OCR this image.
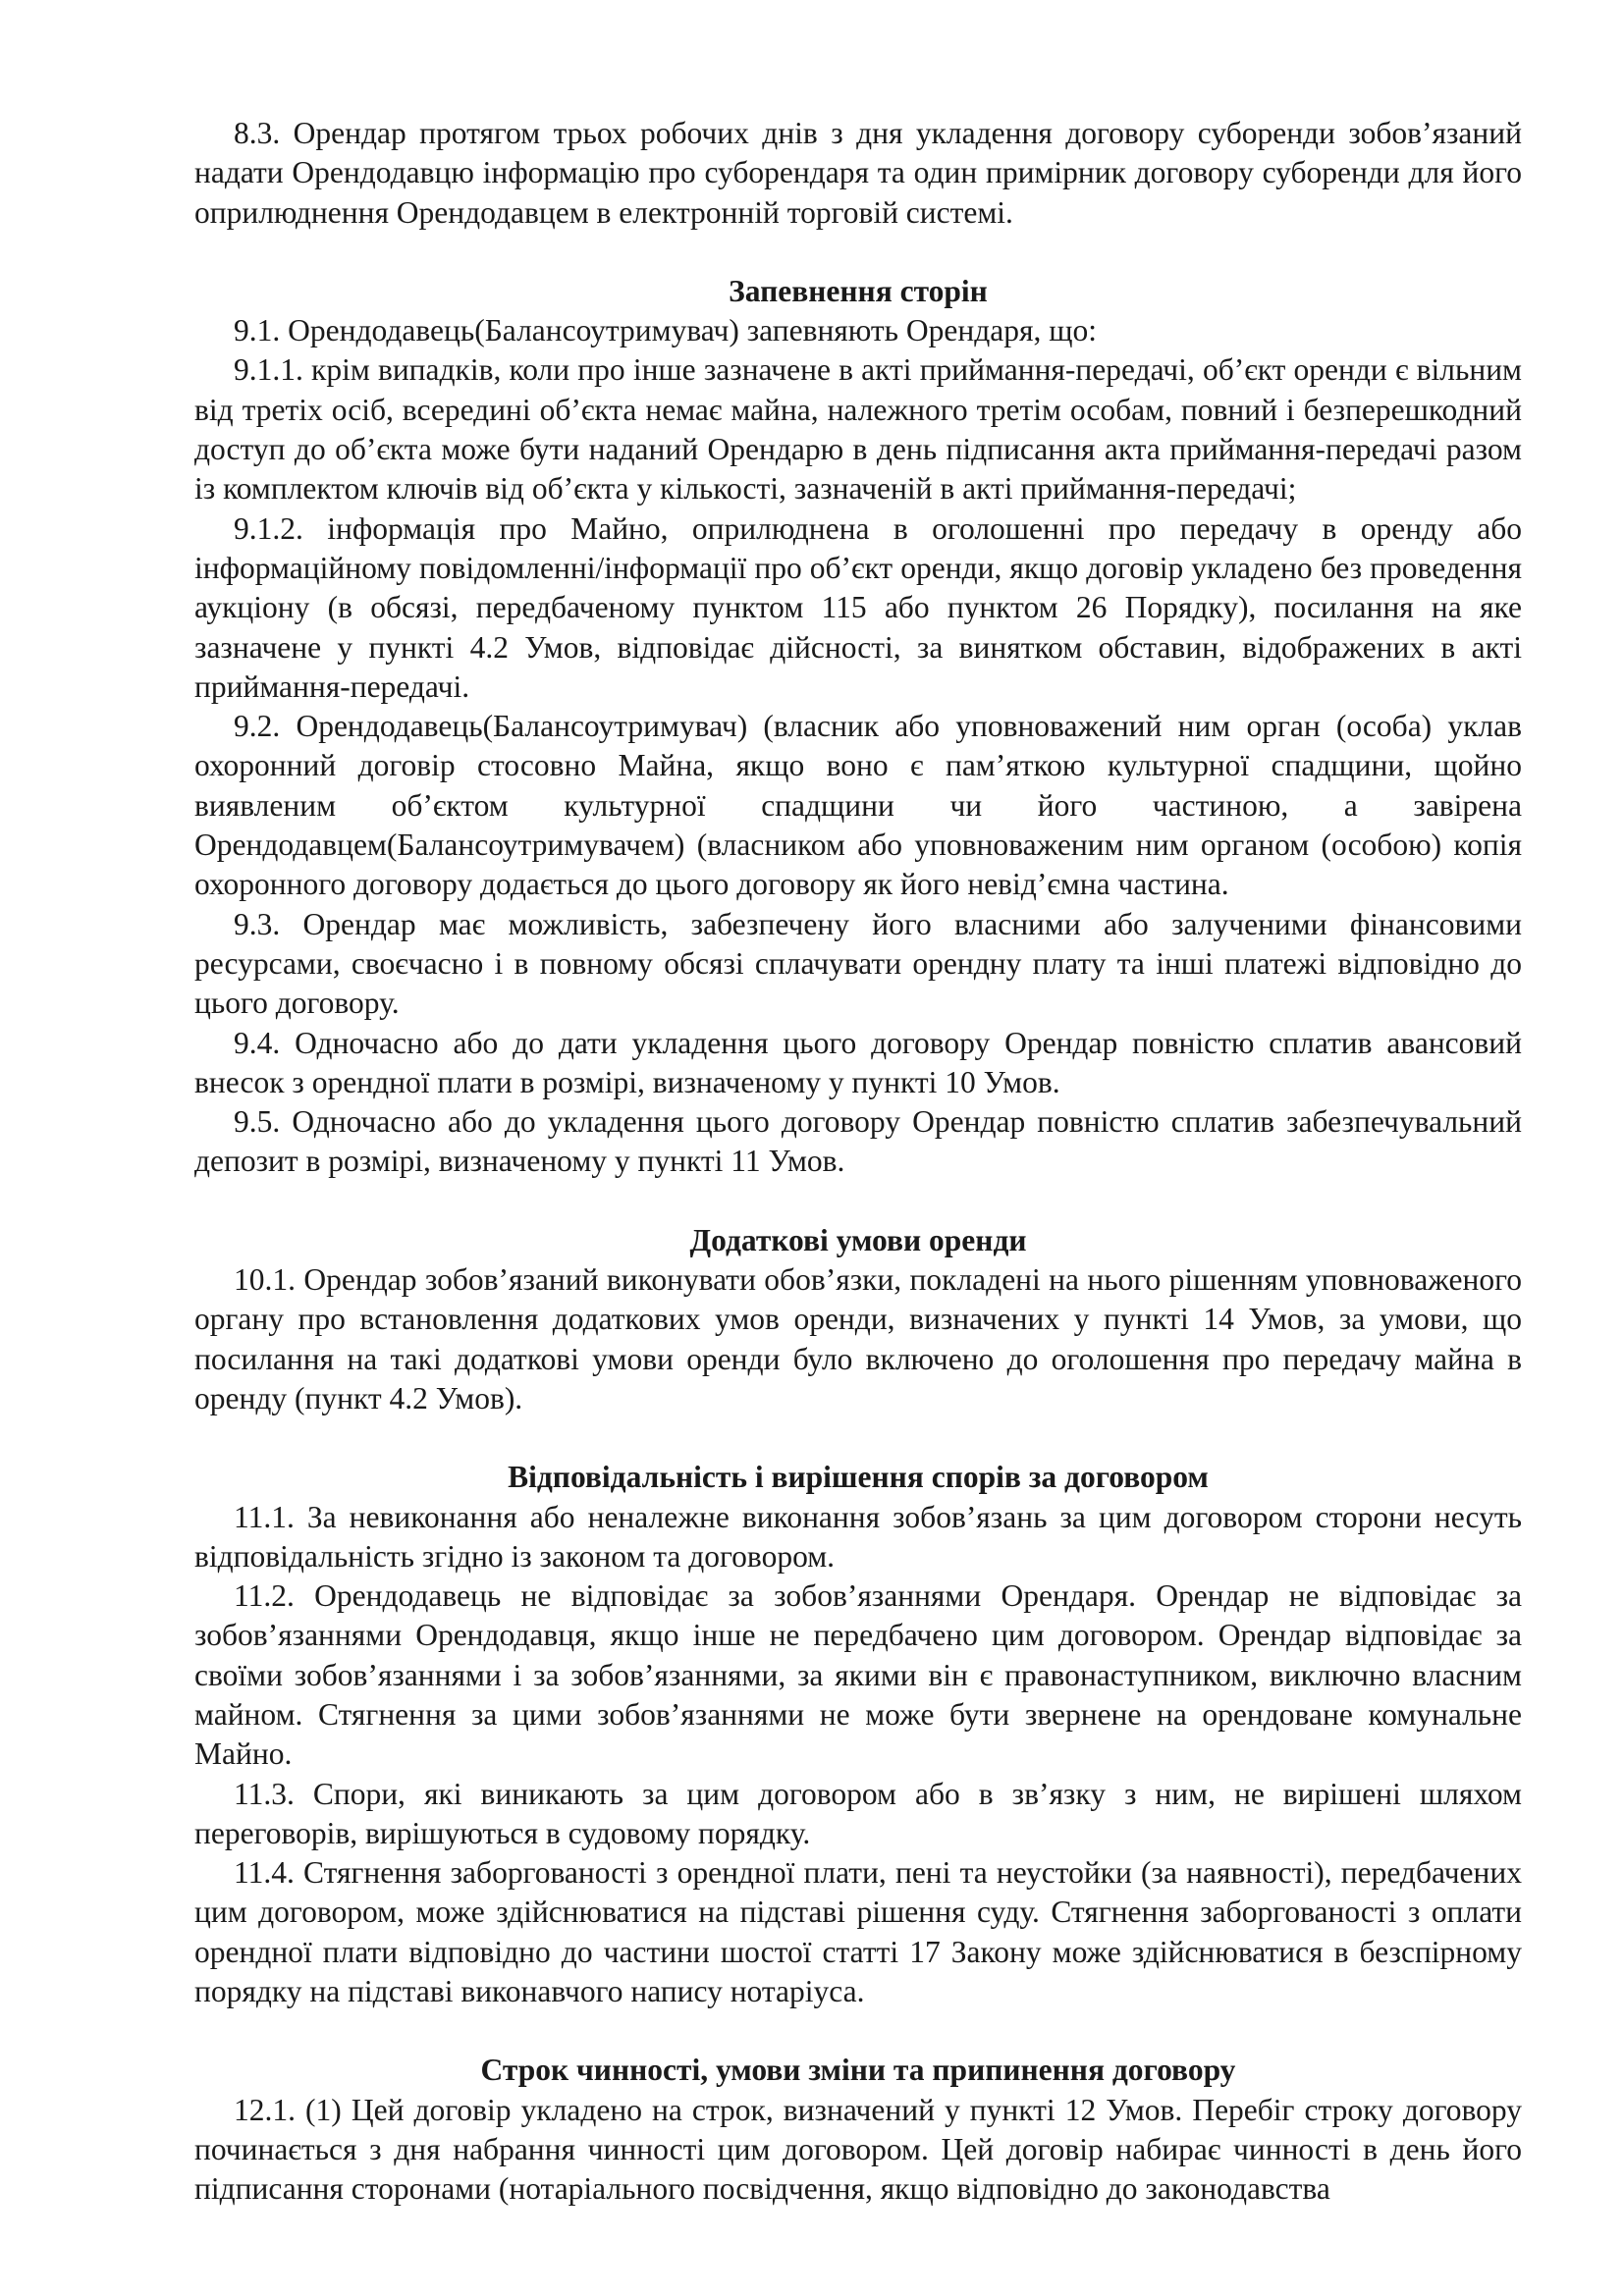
8.3. Орендар протягом трьох робочих днів з дня укладення договору суборенди зобов’язаний надати Орендодавцю інформацію про суборендаря та один примірник договору суборенди для його оприлюднення Орендодавцем в електронній торговій системі.

Запевнення сторін

9.1. Орендодавець(Балансоутримувач) запевняють Орендаря, що:

9.1.1. крім випадків, коли про інше зазначене в акті приймання-передачі, об’єкт оренди є вільним від третіх осіб, всередині об’єкта немає майна, належного третім особам, повний і безперешкодний доступ до об’єкта може бути наданий Орендарю в день підписання акта приймання-передачі разом із комплектом ключів від об’єкта у кількості, зазначеній в акті приймання-передачі;

9.1.2. інформація про Майно, оприлюднена в оголошенні про передачу в оренду або інформаційному повідомленні/інформації про об’єкт оренди, якщо договір укладено без проведення аукціону (в обсязі, передбаченому пунктом 115 або пунктом 26 Порядку), посилання на яке зазначене у пункті 4.2 Умов, відповідає дійсності, за винятком обставин, відображених в акті приймання-передачі.

9.2. Орендодавець(Балансоутримувач) (власник або уповноважений ним орган (особа) уклав охоронний договір стосовно Майна, якщо воно є пам’яткою культурної спадщини, щойно виявленим об’єктом культурної спадщини чи його частиною, а завірена Орендодавцем(Балансоутримувачем) (власником або уповноваженим ним органом (особою) копія охоронного договору додається до цього договору як його невід’ємна частина.

9.3. Орендар має можливість, забезпечену його власними або залученими фінансовими ресурсами, своєчасно і в повному обсязі сплачувати орендну плату та інші платежі відповідно до цього договору.

9.4. Одночасно або до дати укладення цього договору Орендар повністю сплатив авансовий внесок з орендної плати в розмірі, визначеному у пункті 10 Умов.

9.5. Одночасно або до укладення цього договору Орендар повністю сплатив забезпечувальний депозит в розмірі, визначеному у пункті 11 Умов.

Додаткові умови оренди

10.1. Орендар зобов’язаний виконувати обов’язки, покладені на нього рішенням уповноваженого органу про встановлення додаткових умов оренди, визначених у пункті 14 Умов, за умови, що посилання на такі додаткові умови оренди було включено до оголошення про передачу майна в оренду (пункт 4.2 Умов).

Відповідальність і вирішення спорів за договором

11.1. За невиконання або неналежне виконання зобов’язань за цим договором сторони несуть відповідальність згідно із законом та договором.

11.2. Орендодавець не відповідає за зобов’язаннями Орендаря. Орендар не відповідає за зобов’язаннями Орендодавця, якщо інше не передбачено цим договором. Орендар відповідає за своїми зобов’язаннями і за зобов’язаннями, за якими він є правонаступником, виключно власним майном. Стягнення за цими зобов’язаннями не може бути звернене на орендоване комунальне Майно.

11.3. Спори, які виникають за цим договором або в зв’язку з ним, не вирішені шляхом переговорів, вирішуються в судовому порядку.

11.4. Стягнення заборгованості з орендної плати, пені та неустойки (за наявності), передбачених цим договором, може здійснюватися на підставі рішення суду. Стягнення заборгованості з оплати орендної плати відповідно до частини шостої статті 17 Закону може здійснюватися в безспірному порядку на підставі виконавчого напису нотаріуса.

Строк чинності, умови зміни та припинення договору

12.1. (1) Цей договір укладено на строк, визначений у пункті 12 Умов. Перебіг строку договору починається з дня набрання чинності цим договором. Цей договір набирає чинності в день його підписання сторонами (нотаріального посвідчення, якщо відповідно до законодавства
